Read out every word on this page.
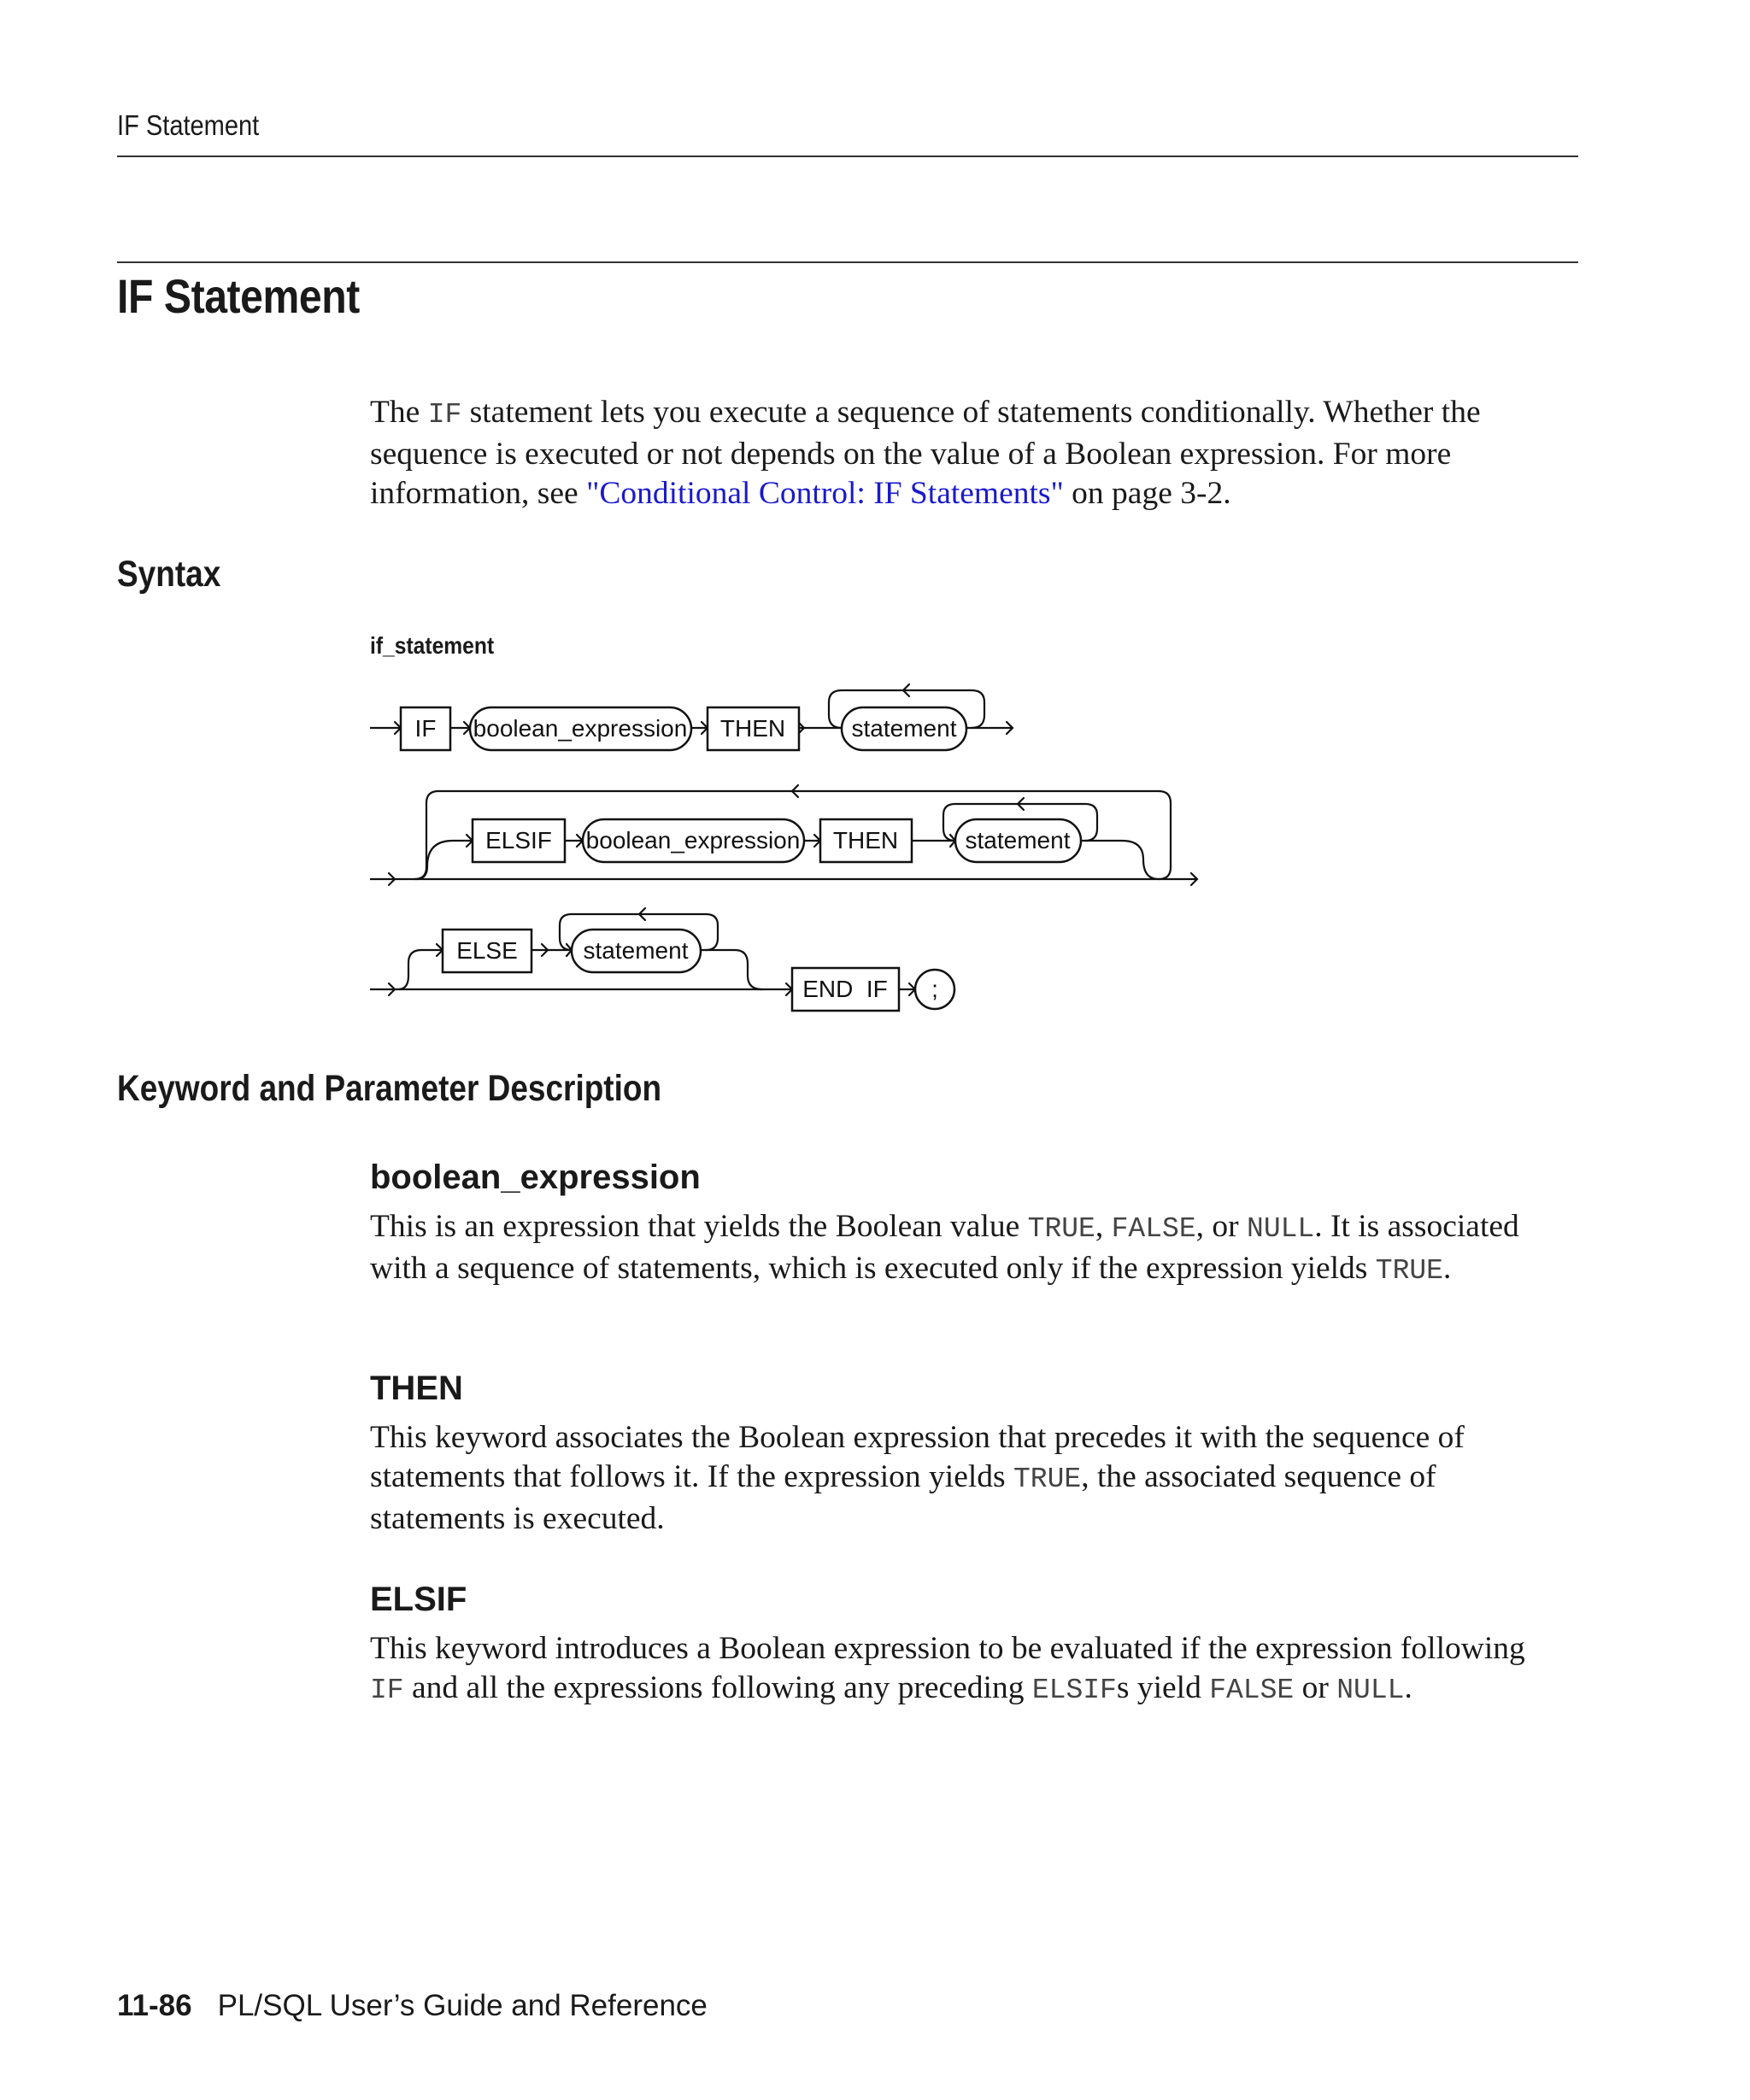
IF Statement
IF Statement

The IF statement lets you execute a sequence of statements conditionally. Whether the sequence is executed or not depends on the value of a Boolean expression. For more information, see "Conditional Control: IF Statements" on page 3-2.

Syntax
if_statement
IF boolean_expression THEN	statement
ELSIF boolean_expression THEN	statement
ELSE	statement
END  IF ;
Keyword and Parameter Description
boolean_expression

This is an expression that yields the Boolean value TRUE, FALSE, or NULL. It is associated with a sequence of statements, which is executed only if the expression yields TRUE.

THEN

This keyword associates the Boolean expression that precedes it with the sequence of statements that follows it. If the expression yields TRUE, the associated sequence of statements is executed.

ELSIF

This keyword introduces a Boolean expression to be evaluated if the expression following IF and all the expressions following any preceding ELSIFs yield FALSE or NULL.

11-86 PL/SQL User’s Guide and Reference
